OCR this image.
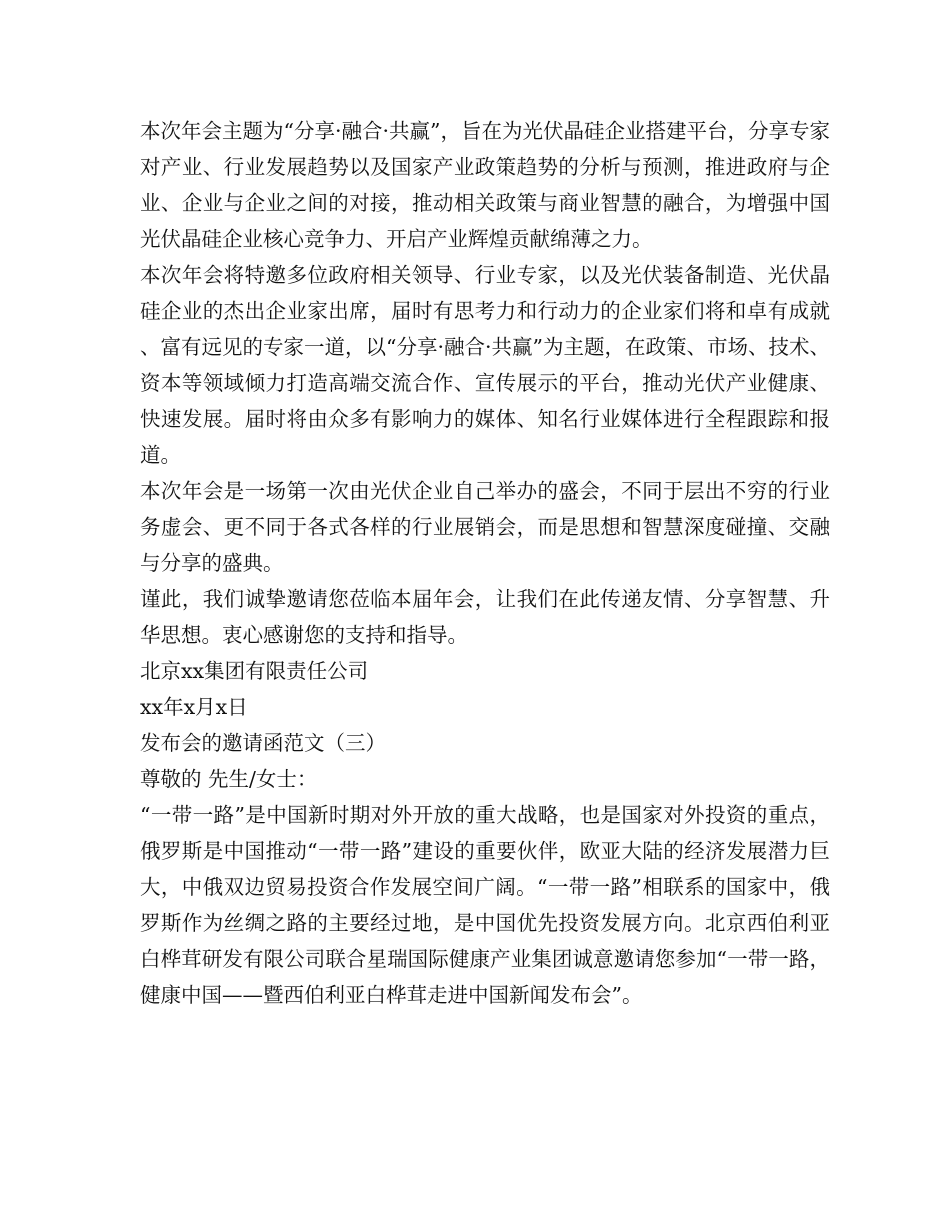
本次年会主题为“分享·融合·共赢”，旨在为光伏晶硅企业搭建平台，分享专家对产业、行业发展趋势以及国家产业政策趋势的分析与预测，推进政府与企业、企业与企业之间的对接，推动相关政策与商业智慧的融合，为增强中国光伏晶硅企业核心竞争力、开启产业辉煌贡献绵薄之力。

本次年会将特邀多位政府相关领导、行业专家，以及光伏装备制造、光伏晶硅企业的杰出企业家出席，届时有思考力和行动力的企业家们将和卓有成就、富有远见的专家一道，以“分享·融合·共赢”为主题，在政策、市场、技术、资本等领域倾力打造高端交流合作、宣传展示的平台，推动光伏产业健康、快速发展。届时将由众多有影响力的媒体、知名行业媒体进行全程跟踪和报道。

本次年会是一场第一次由光伏企业自己举办的盛会，不同于层出不穷的行业务虚会、更不同于各式各样的行业展销会，而是思想和智慧深度碰撞、交融与分享的盛典。

谨此，我们诚挚邀请您莅临本届年会，让我们在此传递友情、分享智慧、升华思想。衷心感谢您的支持和指导。

北京xx集团有限责任公司

xx年x月x日

发布会的邀请函范文（三）

尊敬的 先生/女士：

“一带一路”是中国新时期对外开放的重大战略，也是国家对外投资的重点，俄罗斯是中国推动“一带一路”建设的重要伙伴，欧亚大陆的经济发展潜力巨大，中俄双边贸易投资合作发展空间广阔。“一带一路”相联系的国家中，俄罗斯作为丝绸之路的主要经过地，是中国优先投资发展方向。北京西伯利亚白桦茸研发有限公司联合星瑞国际健康产业集团诚意邀请您参加“一带一路，健康中国——暨西伯利亚白桦茸走进中国新闻发布会”。
